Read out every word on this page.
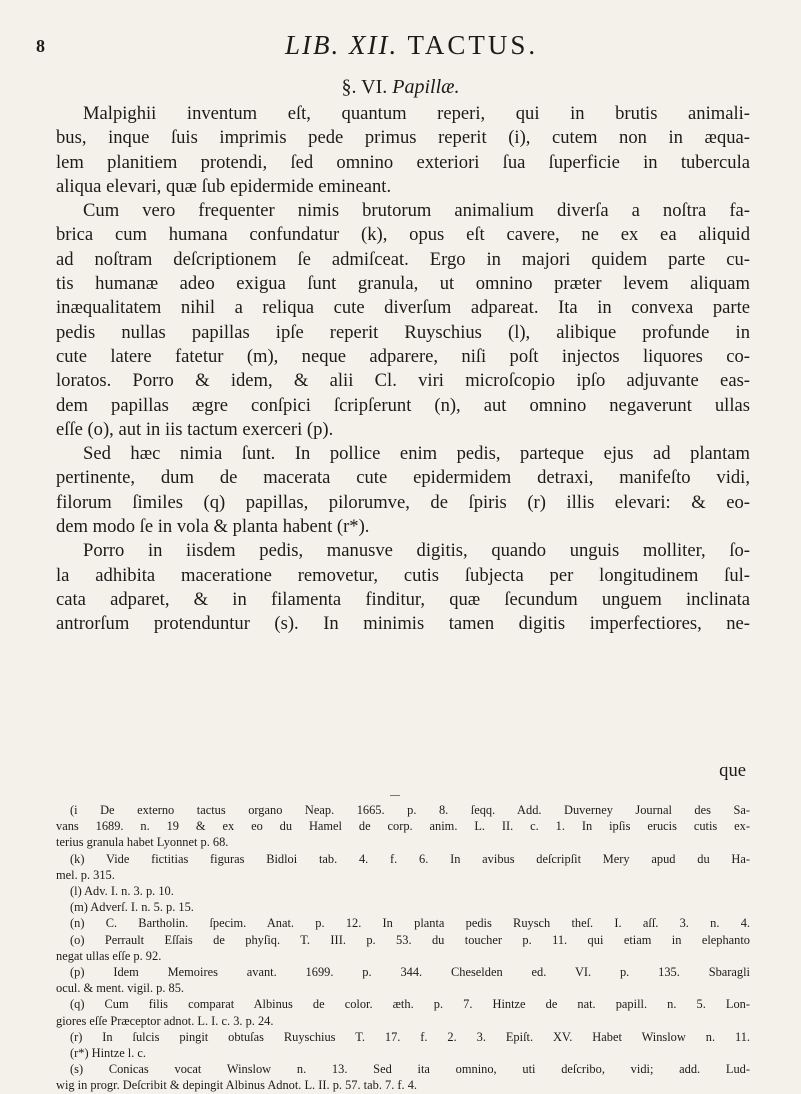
8	LIB. XII. TACTUS.
§. VI. Papillæ.

Malpighii inventum eſt, quantum reperi, qui in brutis animali-

bus, inque ſuis imprimis pede primus reperit (i), cutem non in æqua-

lem planitiem protendi, ſed omnino exteriori ſua ſuperficie in tubercula

aliqua elevari, quæ ſub epidermide emineant.

Cum vero frequenter nimis brutorum animalium diverſa a noſtra fa-

brica cum humana confundatur (k), opus eſt cavere, ne ex ea aliquid

ad noſtram deſcriptionem ſe admiſceat. Ergo in majori quidem parte cu-

tis humanæ adeo exigua ſunt granula, ut omnino præter levem aliquam

inæqualitatem nihil a reliqua cute diverſum adpareat. Ita in convexa parte

pedis nullas papillas ipſe reperit Ruyschius (l), alibique profunde in

cute latere fatetur (m), neque adparere, niſi poſt injectos liquores co-

loratos. Porro & idem, & alii Cl. viri microſcopio ipſo adjuvante eas-

dem papillas ægre conſpici ſcripſerunt (n), aut omnino negaverunt ullas

eſſe (o), aut in iis tactum exerceri (p).

Sed hæc nimia ſunt. In pollice enim pedis, parteque ejus ad plantam

pertinente, dum de macerata cute epidermidem detraxi, manifeſto vidi,

filorum ſimiles (q) papillas, pilorumve, de ſpiris (r) illis elevari: & eo-

dem modo ſe in vola & planta habent (r*).

Porro in iisdem pedis, manusve digitis, quando unguis molliter, ſo-

la adhibita maceratione removetur, cutis ſubjecta per longitudinem ſul-

cata adparet, & in filamenta finditur, quæ ſecundum unguem inclinata

antrorſum protenduntur (s). In minimis tamen digitis imperfectiores, ne-

que

(i De externo tactus organo Neap. 1665. p. 8. ſeqq. Add. Duverney Journal des Sa-

vans 1689. n. 19 & ex eo du Hamel de corp. anim. L. II. c. 1. In ipſis erucis cutis ex-

terius granula habet Lyonnet p. 68.

(k) Vide fictitias figuras Bidloi tab. 4. f. 6. In avibus deſcripſit Mery apud du Ha-

mel. p. 315.

(l) Adv. I. n. 3. p. 10.

(m) Adverſ. I. n. 5. p. 15.

(n) C. Bartholin. ſpecim. Anat. p. 12. In planta pedis Ruysch theſ. I. aſſ. 3. n. 4.

(o) Perrault Eſſais de phyſiq. T. III. p. 53. du toucher p. 11. qui etiam in elephanto

negat ullas eſſe p. 92.

(p) Idem Memoires avant. 1699. p. 344. Cheselden ed. VI. p. 135. Sbaragli

ocul. & ment. vigil. p. 85.

(q) Cum filis comparat Albinus de color. æth. p. 7. Hintze de nat. papill. n. 5. Lon-

giores eſſe Præceptor adnot. L. I. c. 3. p. 24.

(r) In ſulcis pingit obtuſas Ruyschius T. 17. f. 2. 3. Epiſt. XV. Habet Winslow n. 11.

(r*) Hintze l. c.

(s) Conicas vocat Winslow n. 13. Sed ita omnino, uti deſcribo, vidi; add. Lud-

wig in progr. Deſcribit & depingit Albinus Adnot. L. II. p. 57. tab. 7. f. 4.
